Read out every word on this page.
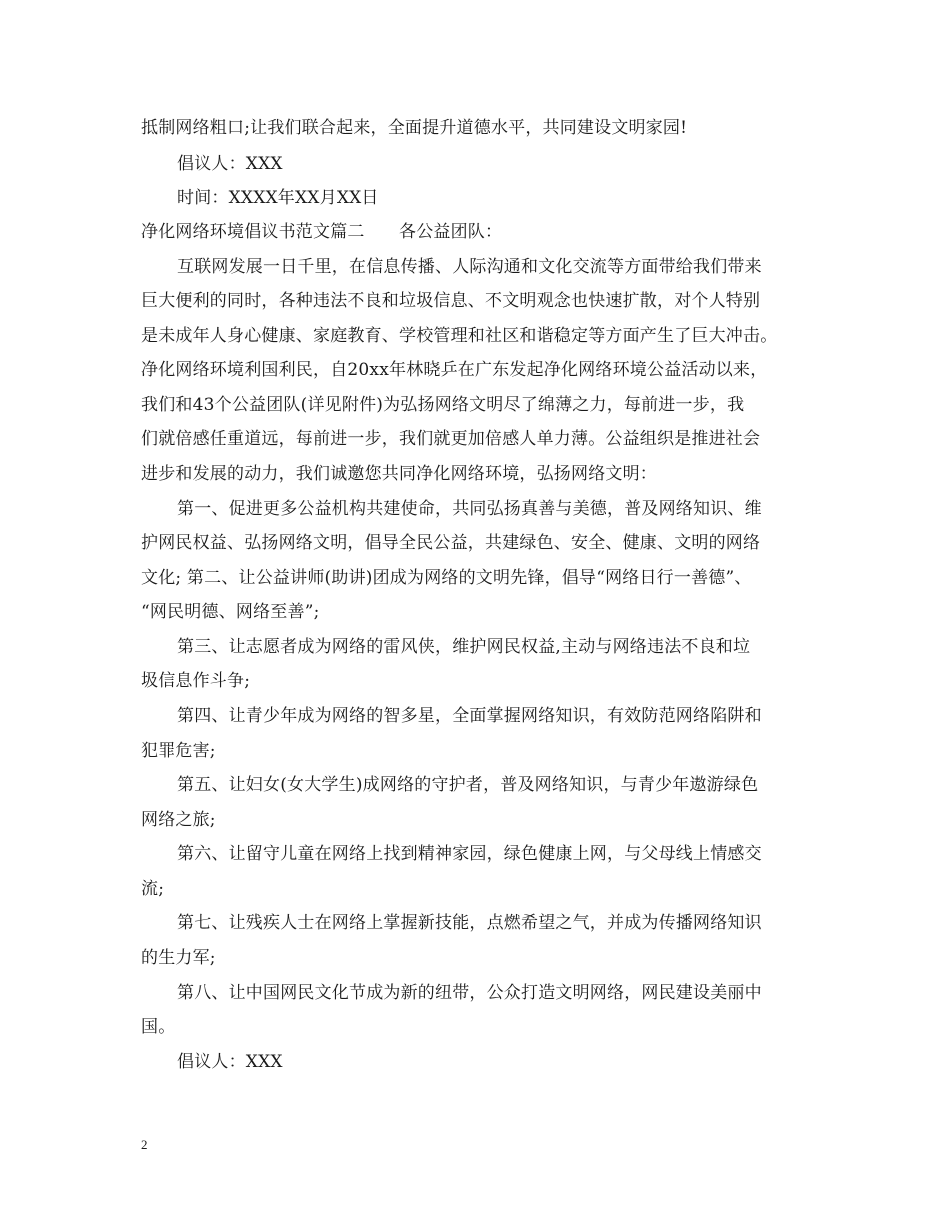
抵制网络粗口;让我们联合起来，全面提升道德水平，共同建设文明家园!
倡议人：XXX
时间：XXXX年XX月XX日
净化网络环境倡议书范文篇二　　各公益团队：
互联网发展一日千里，在信息传播、人际沟通和文化交流等方面带给我们带来
巨大便利的同时，各种违法不良和垃圾信息、不文明观念也快速扩散，对个人特别
是未成年人身心健康、家庭教育、学校管理和社区和谐稳定等方面产生了巨大冲击。
净化网络环境利国利民，自20xx年林晓乒在广东发起净化网络环境公益活动以来，
我们和43个公益团队(详见附件)为弘扬网络文明尽了绵薄之力，每前进一步，我
们就倍感任重道远，每前进一步，我们就更加倍感人单力薄。公益组织是推进社会
进步和发展的动力，我们诚邀您共同净化网络环境，弘扬网络文明：
第一、促进更多公益机构共建使命，共同弘扬真善与美德，普及网络知识、维
护网民权益、弘扬网络文明，倡导全民公益，共建绿色、安全、健康、文明的网络
文化; 第二、让公益讲师(助讲)团成为网络的文明先锋，倡导“网络日行一善德”、
“网民明德、网络至善”;
第三、让志愿者成为网络的雷风侠，维护网民权益,主动与网络违法不良和垃
圾信息作斗争;
第四、让青少年成为网络的智多星，全面掌握网络知识，有效防范网络陷阱和
犯罪危害;
第五、让妇女(女大学生)成网络的守护者，普及网络知识，与青少年遨游绿色
网络之旅;
第六、让留守儿童在网络上找到精神家园，绿色健康上网，与父母线上情感交
流;
第七、让残疾人士在网络上掌握新技能，点燃希望之气，并成为传播网络知识
的生力军;
第八、让中国网民文化节成为新的纽带，公众打造文明网络，网民建设美丽中
国。
倡议人：XXX
2
